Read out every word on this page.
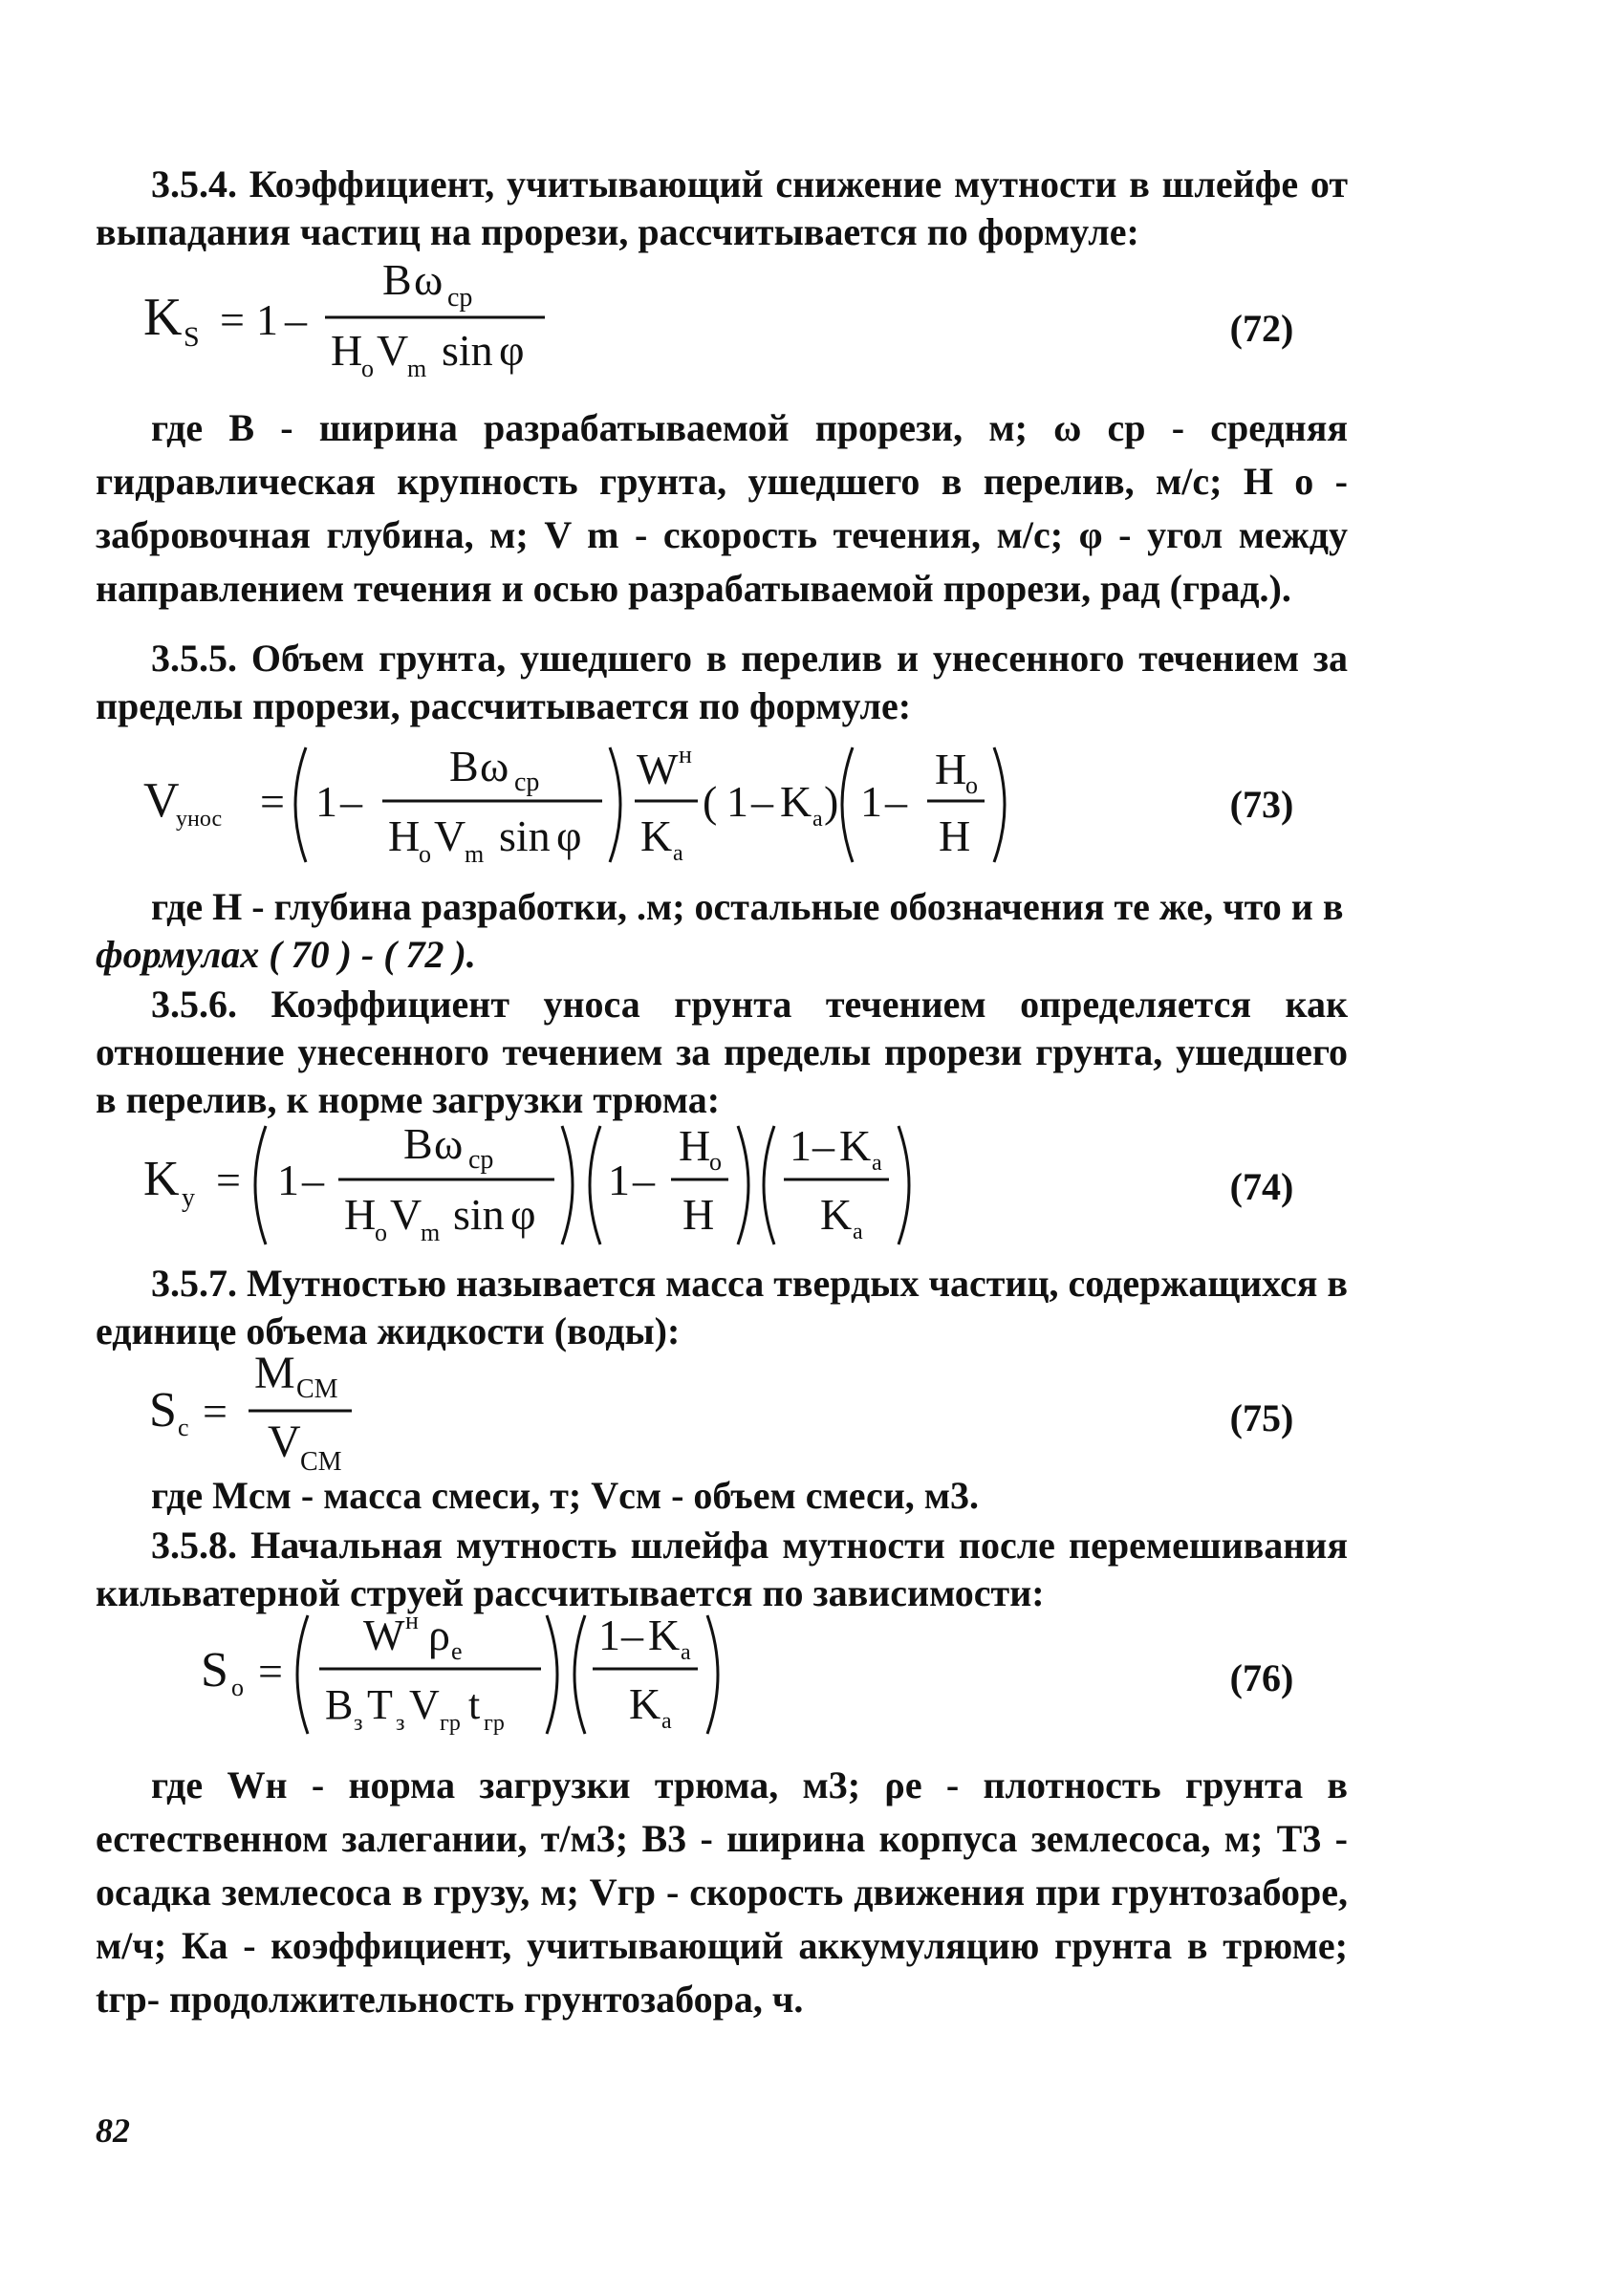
3.5.4. Коэффициент, учитывающий снижение мутности в шлейфе от выпадания частиц на прорези, рассчитывается по формуле:
K S = 1 –
B ω ср
H
о V
m sin φ	(72)
где В - ширина разрабатываемой прорези, м; ω ср - средняя гидравлическая крупность грунта, ушедшего в перелив, м/с; Н о - забровочная глубина, м; V m - скорость течения, м/с; φ - угол между направлением течения и осью разрабатываемой прорези, рад (град.).
3.5.5. Объем грунта, ушедшего в перелив и унесенного течением за пределы прорези, рассчитывается по формуле:
V
унос = 1 –
B ω ср
H
о V
m sin φ
W н
K а
1
( – K а ) 1 –
H
о
H
(73)
где Н - глубина разработки, .м; остальные обозначения те же, что и в
формулах ( 70 ) - ( 72 ).
3.5.6. Коэффициент уноса грунта течением определяется как отношение унесенного течением за пределы прорези грунта, ушедшего в перелив, к норме загрузки трюма:
K у = 1 –
B ω ср
H
о V
m sin φ
1 –
H
о
H
1 – K а
K а
(74)
3.5.7. Мутностью называется масса твердых частиц, содержащихся в единице объема жидкости (воды):
S с =
M СМ
V СМ
(75)
где Mсм - масса смеси, т; Vсм - объем смеси, м3.
3.5.8. Начальная мутность шлейфа мутности после перемешивания кильватерной струей рассчитывается по зависимости:
S о =
W н ρ е
B з T з V гр t гр
1 – K а
K а
(76)
где Wн - норма загрузки трюма, м3; ρе - плотность грунта в естественном залегании, т/м3; В3 - ширина корпуса землесоса, м; Т3 - осадка землесоса в грузу, м; Vгр - скорость движения при грунтозаборе, м/ч; Ка - коэффициент, учитывающий аккумуляцию грунта в трюме; tгр- продолжительность грунтозабора, ч.
82
